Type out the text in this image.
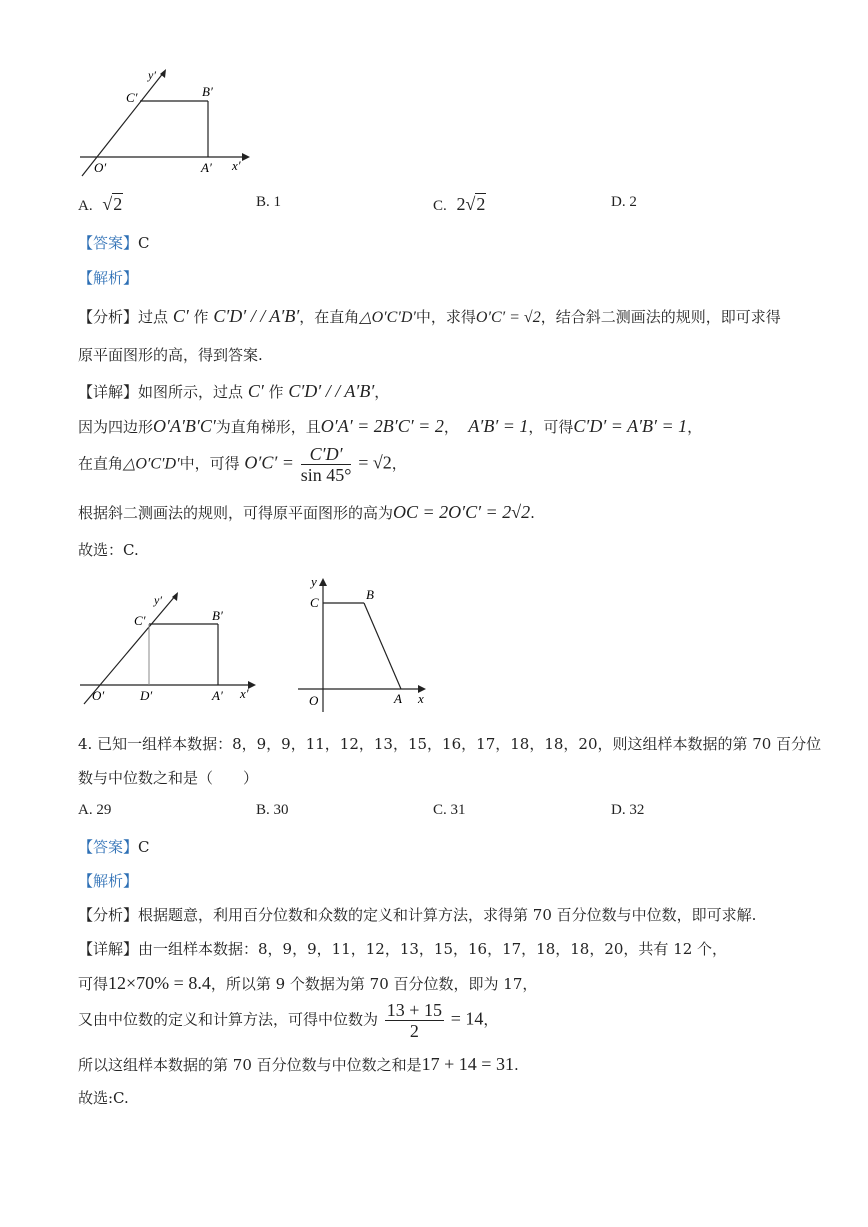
y′
C′	B′
O′	A′ x′
A. √2	B. 1	C. 2√2	D. 2
【答案】C
【解析】
【分析】过点 C′ 作 C′D′ / / A′B′，在直角△O′C′D′中，求得O′C′ = √2，结合斜二测画法的规则，即可求得
原平面图形的高，得到答案.
【详解】如图所示，过点 C′ 作 C′D′ / / A′B′，
因为四边形O′A′B′C′为直角梯形，且O′A′ = 2B′C′ = 2， A′B′ = 1，可得C′D′ = A′B′ = 1，
在直角△O′C′D′中，可得 $O'C' = \frac{C'D'}{\sin 45^\circ} = √2$，
根据斜二测画法的规则，可得原平面图形的高为OC = 2O′C′ = 2√2.
故选：C.
y′
C′	B′
O′	D′	A′ x′
y
C
B
O	A x
4. 已知一组样本数据：8，9，9，11，12，13，15，16，17，18，18，20，则这组样本数据的第 70 百分位
数与中位数之和是（　　）
A. 29	B. 30	C. 31	D. 32
【答案】C
【解析】
【分析】根据题意，利用百分位数和众数的定义和计算方法，求得第 70 百分位数与中位数，即可求解.
【详解】由一组样本数据：8，9，9，11，12，13，15，16，17，18，18，20，共有 12 个，
可得12×70% = 8.4，所以第 9 个数据为第 70 百分位数，即为 17，
又由中位数的定义和计算方法，可得中位数为 $\frac{13 + 15}{2} = 14$，
所以这组样本数据的第 70 百分位数与中位数之和是17 + 14 = 31.
故选:C.
